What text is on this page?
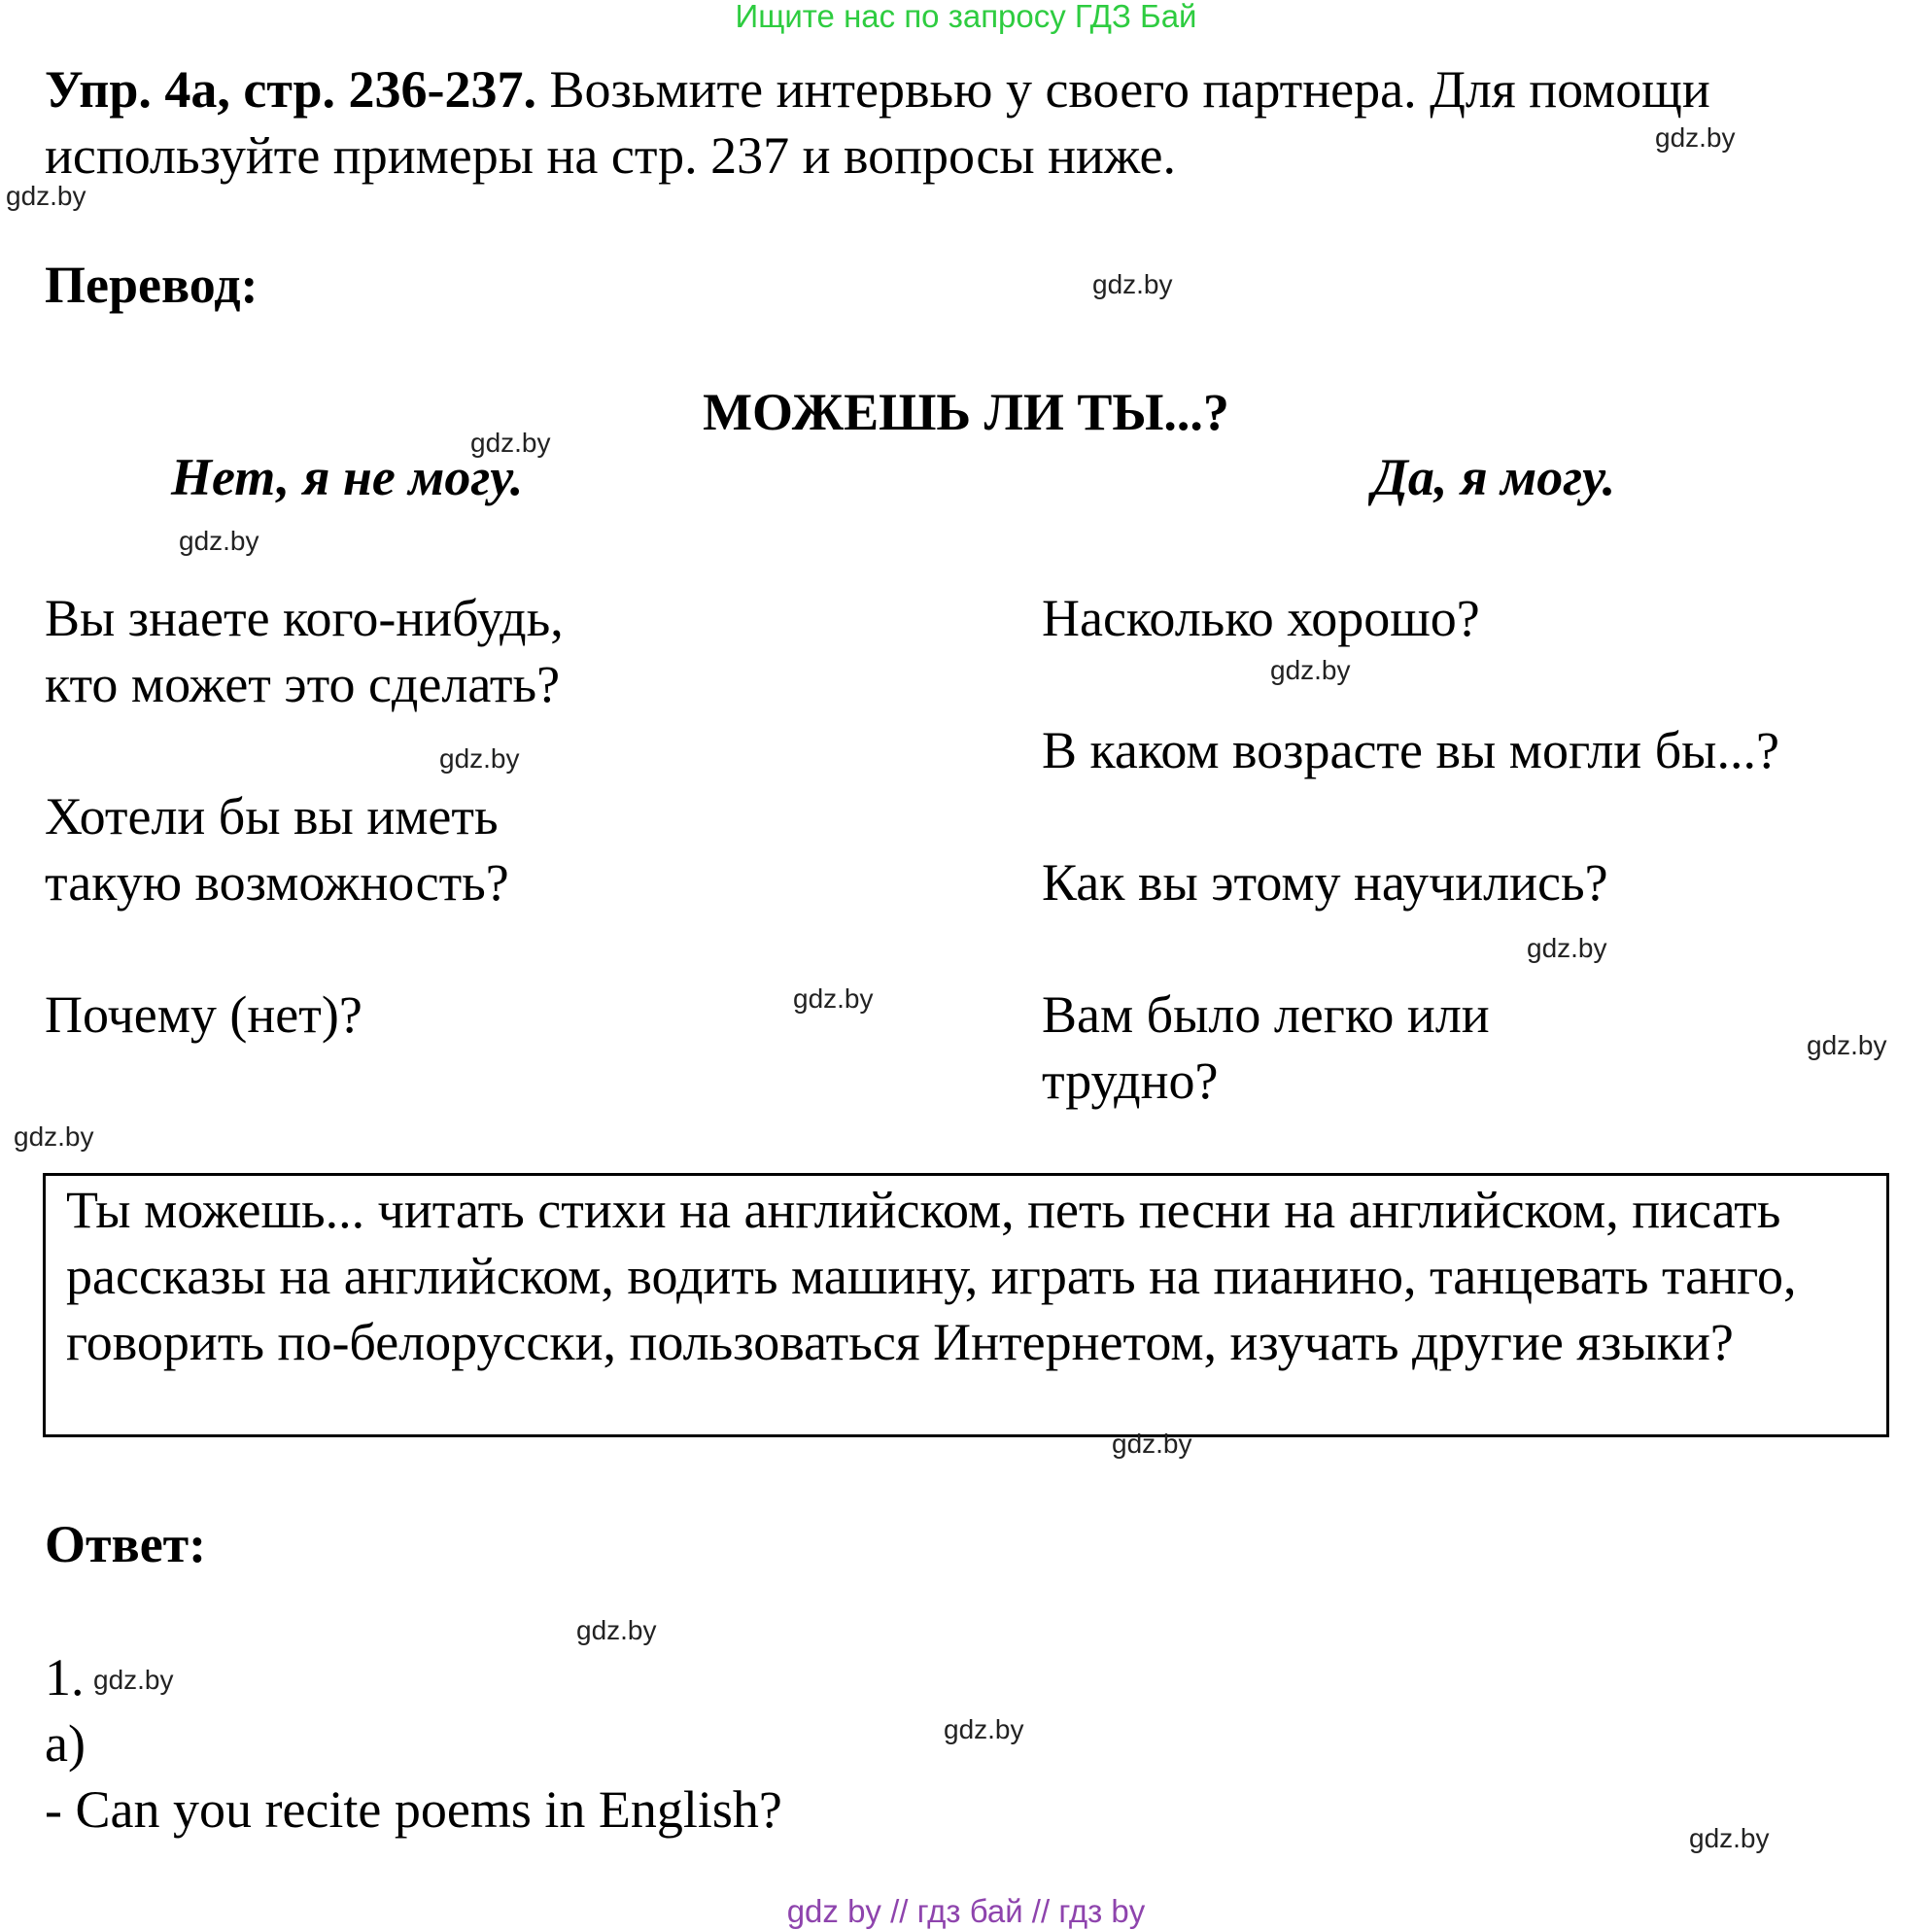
Ищите нас по запросу ГДЗ Бай
Упр. 4а, стр. 236-237. Возьмите интервью у своего партнера. Для помощи используйте примеры на стр. 237 и вопросы ниже.
Перевод:
МОЖЕШЬ ЛИ ТЫ...?
Нет, я не могу.	Да, я могу.
Вы знаете кого-нибудь,
кто может это сделать?
Хотели бы вы иметь
такую возможность?
Почему (нет)?
Насколько хорошо?
В каком возрасте вы могли бы...?
Как вы этому научились?
Вам было легко или
трудно?
Ты можешь... читать стихи на английском, петь песни на английском, писать рассказы на английском, водить машину, играть на пианино, танцевать танго, говорить по-белорусски, пользоваться Интернетом, изучать другие языки?
Ответ:
1.
а)
- Can you recite poems in English?
gdz.by
gdz.by
gdz.by
gdz.by
gdz.by
gdz.by
gdz.by
gdz.by
gdz.by
gdz.by
gdz.by
gdz.by
gdz.by
gdz.by
gdz.by
gdz.by
gdz by // гдз бай // гдз by
